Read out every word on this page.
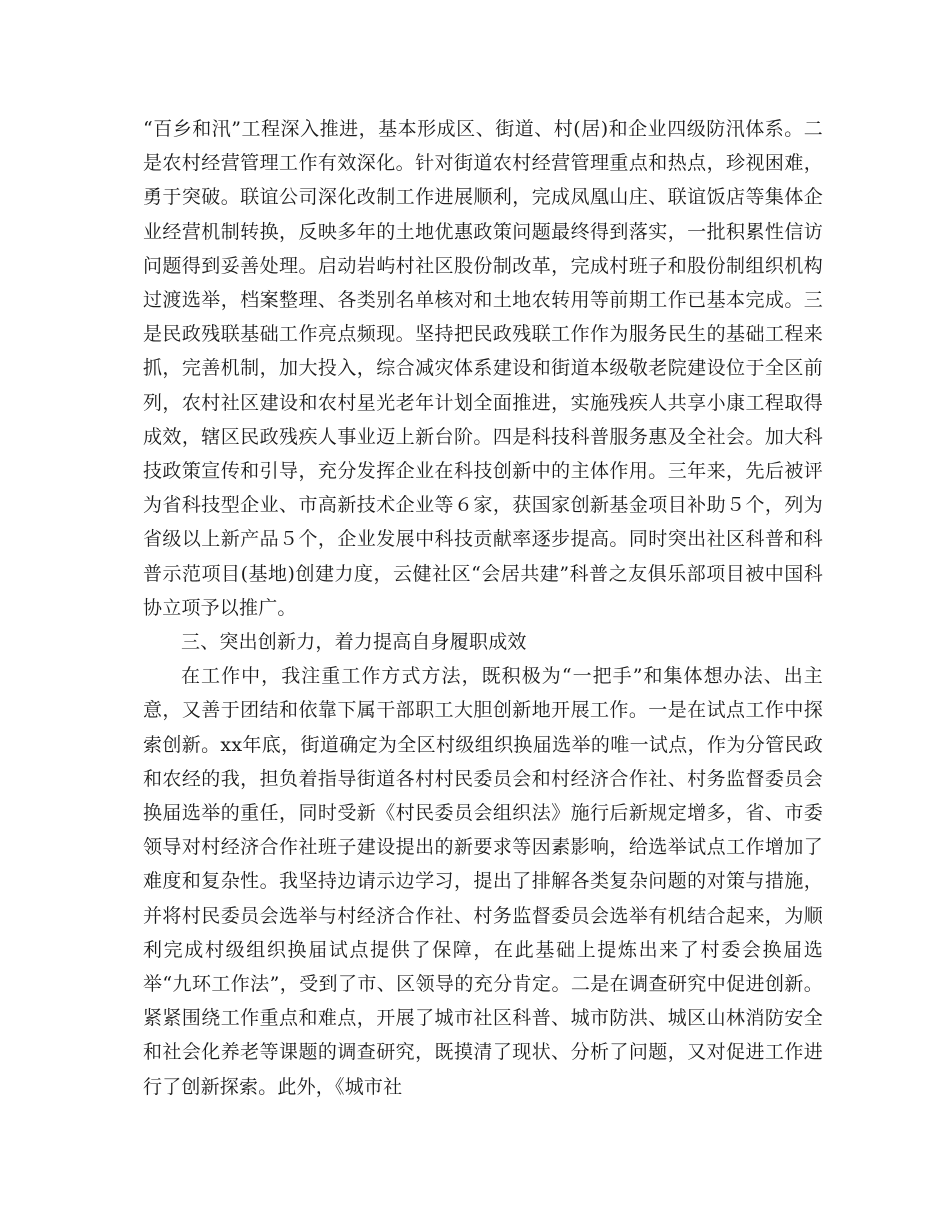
“百乡和汛”工程深入推进，基本形成区、街道、村(居)和企业四级防汛体系。二是农村经营管理工作有效深化。针对街道农村经营管理重点和热点，珍视困难，勇于突破。联谊公司深化改制工作进展顺利，完成凤凰山庄、联谊饭店等集体企业经营机制转换，反映多年的土地优惠政策问题最终得到落实，一批积累性信访问题得到妥善处理。启动岩屿村社区股份制改革，完成村班子和股份制组织机构过渡选举，档案整理、各类别名单核对和土地农转用等前期工作已基本完成。三是民政残联基础工作亮点频现。坚持把民政残联工作作为服务民生的基础工程来抓，完善机制，加大投入，综合减灾体系建设和街道本级敬老院建设位于全区前列，农村社区建设和农村星光老年计划全面推进，实施残疾人共享小康工程取得成效，辖区民政残疾人事业迈上新台阶。四是科技科普服务惠及全社会。加大科技政策宣传和引导，充分发挥企业在科技创新中的主体作用。三年来，先后被评为省科技型企业、市高新技术企业等６家，获国家创新基金项目补助５个，列为省级以上新产品５个，企业发展中科技贡献率逐步提高。同时突出社区科普和科普示范项目(基地)创建力度，云健社区“会居共建”科普之友俱乐部项目被中国科协立项予以推广。

三、突出创新力，着力提高自身履职成效

在工作中，我注重工作方式方法，既积极为“一把手”和集体想办法、出主意，又善于团结和依靠下属干部职工大胆创新地开展工作。一是在试点工作中探索创新。xx年底，街道确定为全区村级组织换届选举的唯一试点，作为分管民政和农经的我，担负着指导街道各村村民委员会和村经济合作社、村务监督委员会换届选举的重任，同时受新《村民委员会组织法》施行后新规定增多，省、市委领导对村经济合作社班子建设提出的新要求等因素影响，给选举试点工作增加了难度和复杂性。我坚持边请示边学习，提出了排解各类复杂问题的对策与措施，并将村民委员会选举与村经济合作社、村务监督委员会选举有机结合起来，为顺利完成村级组织换届试点提供了保障，在此基础上提炼出来了村委会换届选举“九环工作法”，受到了市、区领导的充分肯定。二是在调查研究中促进创新。紧紧围绕工作重点和难点，开展了城市社区科普、城市防洪、城区山林消防安全和社会化养老等课题的调查研究，既摸清了现状、分析了问题，又对促进工作进行了创新探索。此外，《城市社
